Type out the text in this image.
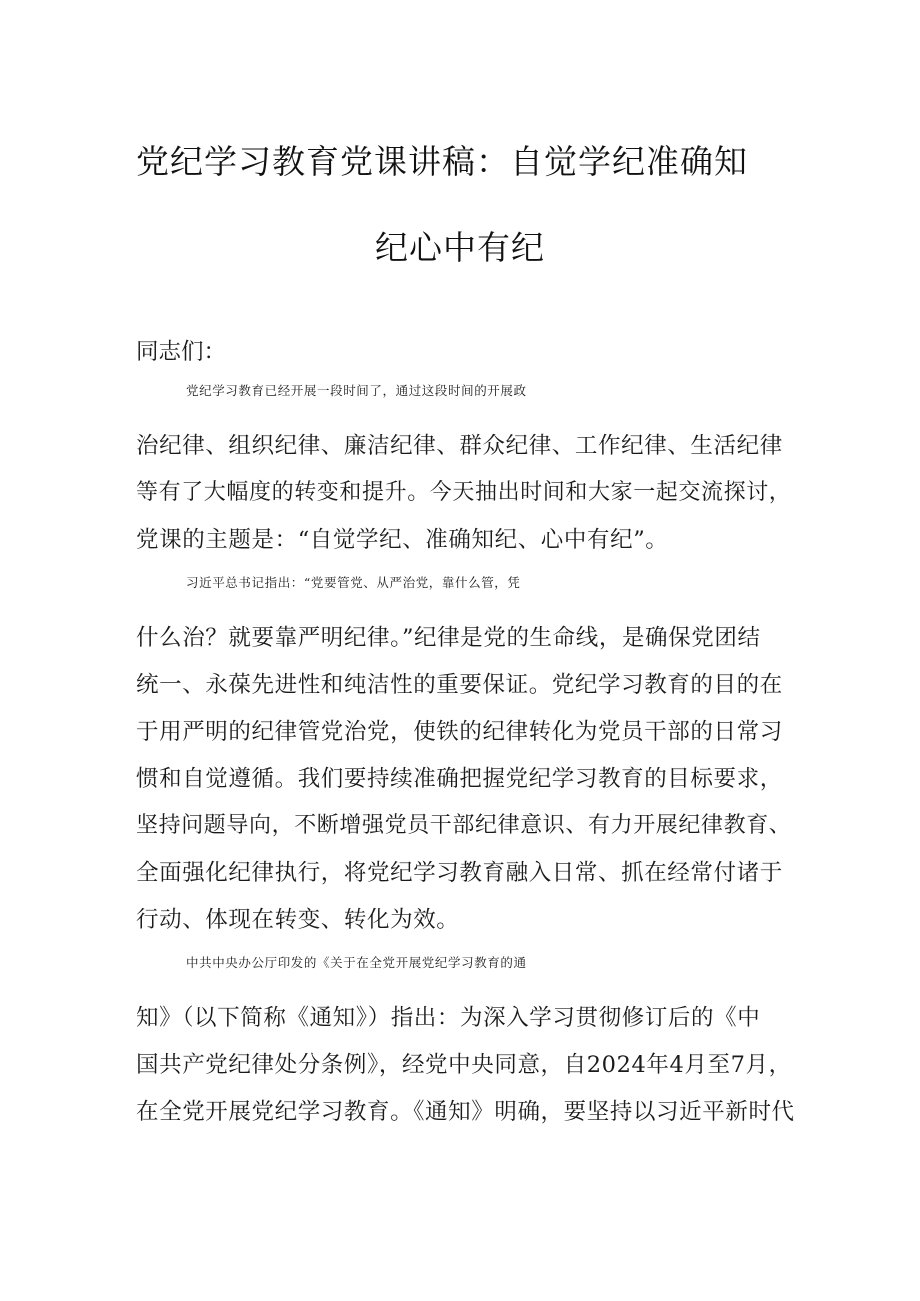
党纪学习教育党课讲稿：自觉学纪准确知
纪心中有纪
同志们：
党纪学习教育已经开展一段时间了，通过这段时间的开展政
治纪律、组织纪律、廉洁纪律、群众纪律、工作纪律、生活纪律
等有了大幅度的转变和提升。今天抽出时间和大家一起交流探讨，
党课的主题是：“自觉学纪、准确知纪、心中有纪”。
习近平总书记指出：“党要管党、从严治党，靠什么管，凭
什么治？就要靠严明纪律。”纪律是党的生命线，是确保党团结
统一、永葆先进性和纯洁性的重要保证。党纪学习教育的目的在
于用严明的纪律管党治党，使铁的纪律转化为党员干部的日常习
惯和自觉遵循。我们要持续准确把握党纪学习教育的目标要求，
坚持问题导向，不断增强党员干部纪律意识、有力开展纪律教育、
全面强化纪律执行，将党纪学习教育融入日常、抓在经常付诸于
行动、体现在转变、转化为效。
中共中央办公厅印发的《关于在全党开展党纪学习教育的通
知》（以下简称《通知》）指出：为深入学习贯彻修订后的《中
国共产党纪律处分条例》，经党中央同意，自2024年4月至7月，
在全党开展党纪学习教育。《通知》明确，要坚持以习近平新时代
